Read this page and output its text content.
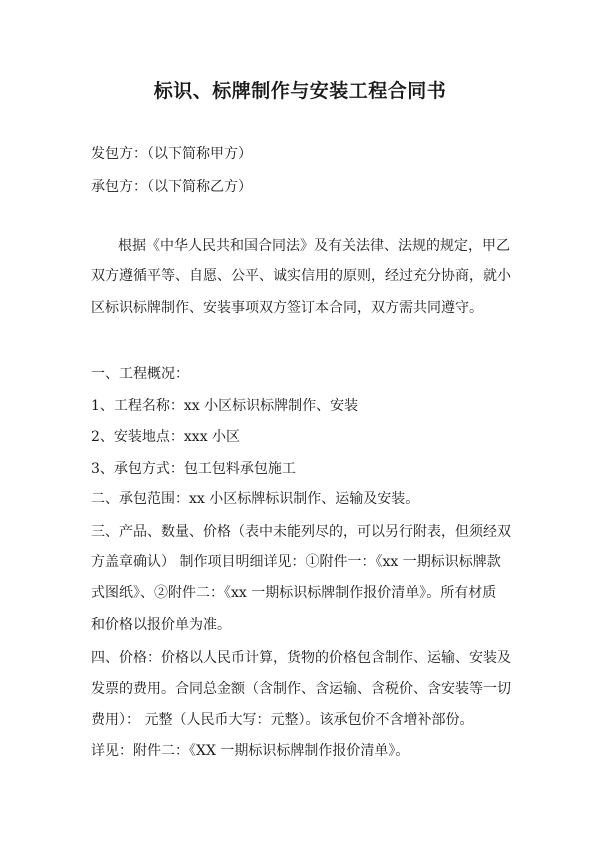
标识、标牌制作与安装工程合同书
发包方：（以下简称甲方）
承包方：（以下简称乙方）
根据《中华人民共和国合同法》及有关法律、法规的规定，甲乙
双方遵循平等、自愿、公平、诚实信用的原则，经过充分协商，就小
区标识标牌制作、安装事项双方签订本合同，双方需共同遵守。
一、工程概况：
1、工程名称：xx 小区标识标牌制作、安装
2、安装地点：xxx 小区
3、承包方式：包工包料承包施工
二、承包范围：xx 小区标牌标识制作、运输及安装。
三、产品、数量、价格（表中未能列尽的，可以另行附表，但须经双
方盖章确认） 制作项目明细详见：①附件一：《xx 一期标识标牌款
式图纸》、②附件二：《xx 一期标识标牌制作报价清单》。所有材质
和价格以报价单为准。
四、价格：价格以人民币计算，货物的价格包含制作、运输、安装及
发票的费用。合同总金额（含制作、含运输、含税价、含安装等一切
费用）： 元整（人民币大写：元整）。该承包价不含增补部份。
详见：附件二：《XX 一期标识标牌制作报价清单》。
